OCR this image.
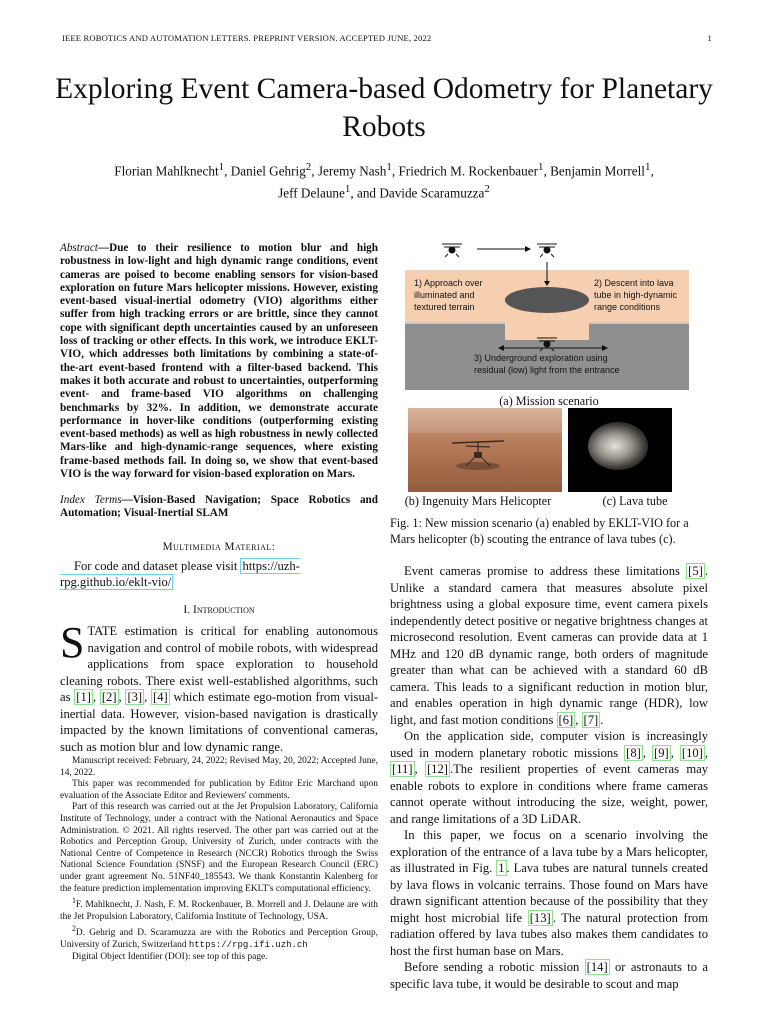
IEEE ROBOTICS AND AUTOMATION LETTERS. PREPRINT VERSION. ACCEPTED JUNE, 2022	1
Exploring Event Camera-based Odometry for Planetary Robots
Florian Mahlknecht$^1$, Daniel Gehrig$^2$, Jeremy Nash$^1$, Friedrich M. Rockenbauer$^1$, Benjamin Morrell$^1$,
Jeff Delaune$^1$, and Davide Scaramuzza$^2$
Abstract—Due to their resilience to motion blur and high robustness in low-light and high dynamic range conditions, event cameras are poised to become enabling sensors for vision-based exploration on future Mars helicopter missions. However, existing event-based visual-inertial odometry (VIO) algorithms either suffer from high tracking errors or are brittle, since they cannot cope with significant depth uncertainties caused by an unforeseen loss of tracking or other effects. In this work, we introduce EKLT-VIO, which addresses both limitations by combining a state-of-the-art event-based frontend with a filter-based backend. This makes it both accurate and robust to uncertainties, outperforming event- and frame-based VIO algorithms on challenging benchmarks by 32%. In addition, we demonstrate accurate performance in hover-like conditions (outperforming existing event-based methods) as well as high robustness in newly collected Mars-like and high-dynamic-range sequences, where existing frame-based methods fail. In doing so, we show that event-based VIO is the way forward for vision-based exploration on Mars.
Index Terms—Vision-Based Navigation; Space Robotics and Automation; Visual-Inertial SLAM
Multimedia Material:
For code and dataset please visit https://uzh-rpg.github.io/eklt-vio/
I. Introduction
STATE estimation is critical for enabling autonomous navigation and control of mobile robots, with widespread applications from space exploration to household cleaning robots. There exist well-established algorithms, such as [1] , [2] , [3] , [4] which estimate ego-motion from visual-inertial data. However, vision-based navigation is drastically impacted by the known limitations of conventional cameras, such as motion blur and low dynamic range.

Manuscript received: February, 24, 2022; Revised May, 20, 2022; Accepted June, 14, 2022.

This paper was recommended for publication by Editor Eric Marchand upon evaluation of the Associate Editor and Reviewers' comments.

Part of this research was carried out at the Jet Propulsion Laboratory, California Institute of Technology, under a contract with the National Aeronautics and Space Administration. © 2021. All rights reserved. The other part was carried out at the Robotics and Perception Group, University of Zurich, under contracts with the National Centre of Competence in Research (NCCR) Robotics through the Swiss National Science Foundation (SNSF) and the European Research Council (ERC) under grant agreement No. 51NF40_185543. We thank Konstantin Kalenberg for the feature prediction implementation improving EKLT's computational efficiency.

$^1$F. Mahlknecht, J. Nash, F. M. Rockenbauer, B. Morrell and J. Delaune are with the Jet Propulsion Laboratory, California Institute of Technology, USA.

$^2$D. Gehrig and D. Scaramuzza are with the Robotics and Perception Group, University of Zurich, Switzerland https://rpg.ifi.uzh.ch

Digital Object Identifier (DOI): see top of this page.

1) Approach over illuminated and textured terrain
2) Descent into lava tube in high-dynamic range conditions
3) Underground exploration using residual (low) light from the entrance
(a) Mission scenario
(b) Ingenuity Mars Helicopter	(c) Lava tube
Fig. 1: New mission scenario (a) enabled by EKLT-VIO for a Mars helicopter (b) scouting the entrance of lava tubes (c).

Event cameras promise to address these limitations [5] . Unlike a standard camera that measures absolute pixel brightness using a global exposure time, event camera pixels independently detect positive or negative brightness changes at microsecond resolution. Event cameras can provide data at 1 MHz and 120 dB dynamic range, both orders of magnitude greater than what can be achieved with a standard 60 dB camera. This leads to a significant reduction in motion blur, and enables operation in high dynamic range (HDR), low light, and fast motion conditions [6] , [7] .

On the application side, computer vision is increasingly used in modern planetary robotic missions [8] , [9] , [10] , [11] , [12] .The resilient properties of event cameras may enable robots to explore in conditions where frame cameras cannot operate without introducing the size, weight, power, and range limitations of a 3D LiDAR.

In this paper, we focus on a scenario involving the exploration of the entrance of a lava tube by a Mars helicopter, as illustrated in Fig. 1 . Lava tubes are natural tunnels created by lava flows in volcanic terrains. Those found on Mars have drawn significant attention because of the possibility that they might host microbial life [13] . The natural protection from radiation offered by lava tubes also makes them candidates to host the first human base on Mars.

Before sending a robotic mission [14] or astronauts to a specific lava tube, it would be desirable to scout and map
